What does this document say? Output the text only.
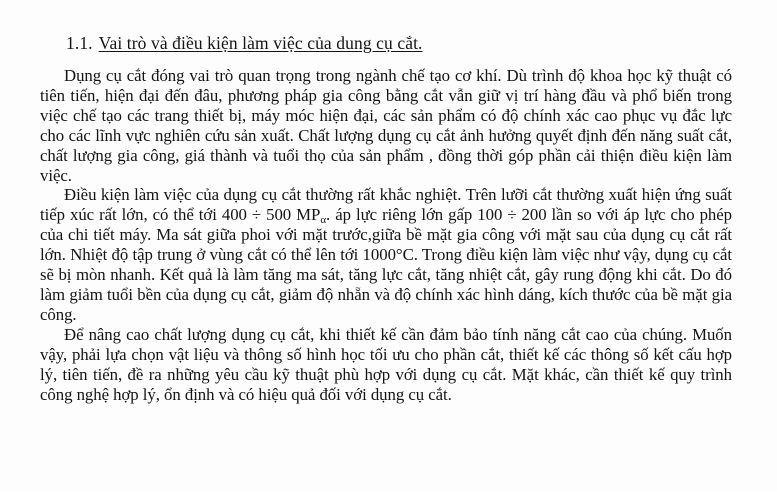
1.1. Vai trò và điều kiện làm việc của dung cụ cắt.

Dụng cụ cắt đóng vai trò quan trọng trong ngành chế tạo cơ khí. Dù trình độ khoa học kỹ thuật có tiên tiến, hiện đại đến đâu, phương pháp gia công bằng cắt vẫn giữ vị trí hàng đầu và phổ biến trong việc chế tạo các trang thiết bị, máy móc hiện đại, các sản phẩm có độ chính xác cao phục vụ đắc lực cho các lĩnh vực nghiên cứu sản xuất. Chất lượng dụng cụ cắt ảnh hưởng quyết định đến năng suất cắt, chất lượng gia công, giá thành và tuổi thọ của sản phẩm , đồng thời góp phần cải thiện điều kiện làm việc.

Điều kiện làm việc của dụng cụ cắt thường rất khắc nghiệt. Trên lưỡi cắt thường xuất hiện ứng suất tiếp xúc rất lớn, có thể tới 400 ÷ 500 $MP_\alpha$. áp lực riêng lớn gấp 100 ÷ 200 lần so với áp lực cho phép của chi tiết máy. Ma sát giữa phoi với mặt trước,giữa bề mặt gia công với mặt sau của dụng cụ cắt rất lớn. Nhiệt độ tập trung ở vùng cắt có thể lên tới 1000°C. Trong điều kiện làm việc như vậy, dụng cụ cắt sẽ bị mòn nhanh. Kết quả là làm tăng ma sát, tăng lực cắt, tăng nhiệt cắt, gây rung động khi cắt. Do đó làm giảm tuổi bền của dụng cụ cắt, giảm độ nhẵn và độ chính xác hình dáng, kích thước của bề mặt gia công.

Để nâng cao chất lượng dụng cụ cắt, khi thiết kế cần đảm bảo tính năng cắt cao của chúng. Muốn vậy, phải lựa chọn vật liệu và thông số hình học tối ưu cho phần cắt, thiết kế các thông số kết cấu hợp lý, tiên tiến, đề ra những yêu cầu kỹ thuật phù hợp với dụng cụ cắt. Mặt khác, cần thiết kế quy trình công nghệ hợp lý, ổn định và có hiệu quả đối với dụng cụ cắt.
